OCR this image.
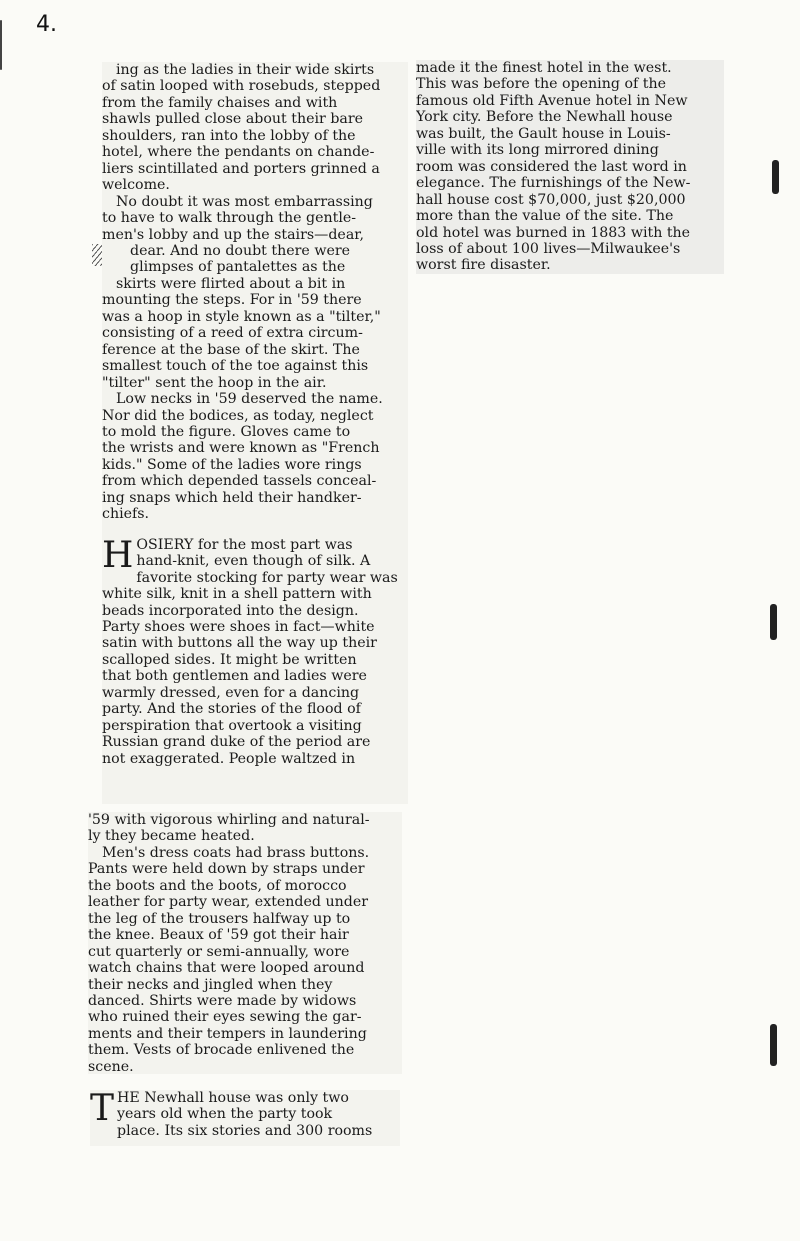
4.
ing as the ladies in their wide skirts
of satin looped with rosebuds, stepped
from the family chaises and with
shawls pulled close about their bare
shoulders, ran into the lobby of the
hotel, where the pendants on chande-
liers scintillated and porters grinned a
welcome.
No doubt it was most embarrassing
to have to walk through the gentle-
men's lobby and up the stairs—dear,
dear. And no doubt there were
glimpses of pantalettes as the
skirts were flirted about a bit in
mounting the steps. For in '59 there
was a hoop in style known as a "tilter,"
consisting of a reed of extra circum-
ference at the base of the skirt. The
smallest touch of the toe against this
"tilter" sent the hoop in the air.
Low necks in '59 deserved the name.
Nor did the bodices, as today, neglect
to mold the figure. Gloves came to
the wrists and were known as "French
kids." Some of the ladies wore rings
from which depended tassels conceal-
ing snaps which held their handker-
chiefs.
H OSIERY for the most part was
hand-knit, even though of silk. A
favorite stocking for party wear was
white silk, knit in a shell pattern with
beads incorporated into the design.
Party shoes were shoes in fact—white
satin with buttons all the way up their
scalloped sides. It might be written
that both gentlemen and ladies were
warmly dressed, even for a dancing
party. And the stories of the flood of
perspiration that overtook a visiting
Russian grand duke of the period are
not exaggerated. People waltzed in
'59 with vigorous whirling and natural-
ly they became heated.
Men's dress coats had brass buttons.
Pants were held down by straps under
the boots and the boots, of morocco
leather for party wear, extended under
the leg of the trousers halfway up to
the knee. Beaux of '59 got their hair
cut quarterly or semi-annually, wore
watch chains that were looped around
their necks and jingled when they
danced. Shirts were made by widows
who ruined their eyes sewing the gar-
ments and their tempers in laundering
them. Vests of brocade enlivened the
scene.
T HE Newhall house was only two
years old when the party took
place. Its six stories and 300 rooms
made it the finest hotel in the west.
This was before the opening of the
famous old Fifth Avenue hotel in New
York city. Before the Newhall house
was built, the Gault house in Louis-
ville with its long mirrored dining
room was considered the last word in
elegance. The furnishings of the New-
hall house cost $70,000, just $20,000
more than the value of the site. The
old hotel was burned in 1883 with the
loss of about 100 lives—Milwaukee's
worst fire disaster.
